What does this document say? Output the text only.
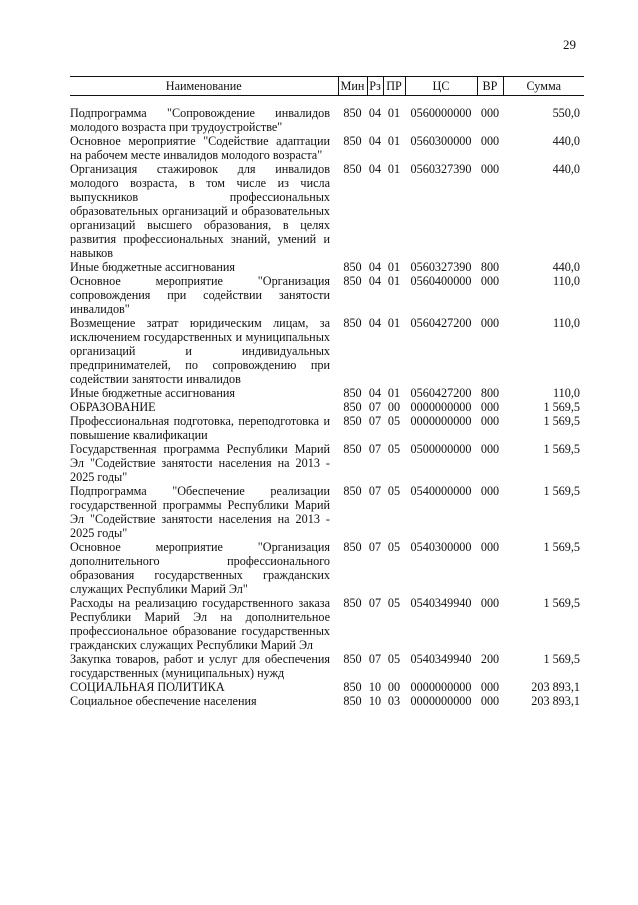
29
Наименование	Мин	Рз	ПР	ЦС	ВР	Сумма

Подпрограмма "Сопровождение инвалидов молодого возраста при трудоустройстве"	850	04	01	0560000000	000	550,0
Основное мероприятие "Содействие адаптации на рабочем месте инвалидов молодого возраста"	850	04	01	0560300000	000	440,0
Организация стажировок для инвалидов молодого возраста, в том числе из числа выпускников профессиональных образовательных организаций и образовательных организаций высшего образования, в целях развития профессиональных знаний, умений и навыков	850	04	01	0560327390	000	440,0
Иные бюджетные ассигнования	850	04	01	0560327390	800	440,0
Основное мероприятие "Организация сопровождения при содействии занятости инвалидов"	850	04	01	0560400000	000	110,0
Возмещение затрат юридическим лицам, за исключением государственных и муниципальных организаций и индивидуальных предпринимателей, по сопровождению при содействии занятости инвалидов	850	04	01	0560427200	000	110,0
Иные бюджетные ассигнования	850	04	01	0560427200	800	110,0
ОБРАЗОВАНИЕ	850	07	00	0000000000	000	1 569,5
Профессиональная подготовка, переподготовка и повышение квалификации	850	07	05	0000000000	000	1 569,5
Государственная программа Республики Марий Эл "Содействие занятости населения на 2013 - 2025 годы"	850	07	05	0500000000	000	1 569,5
Подпрограмма "Обеспечение реализации государственной программы Республики Марий Эл "Содействие занятости населения на 2013 - 2025 годы"	850	07	05	0540000000	000	1 569,5
Основное мероприятие "Организация дополнительного профессионального образования государственных гражданских служащих Республики Марий Эл"	850	07	05	0540300000	000	1 569,5
Расходы на реализацию государственного заказа Республики Марий Эл на дополнительное профессиональное образование государственных гражданских служащих Республики Марий Эл	850	07	05	0540349940	000	1 569,5
Закупка товаров, работ и услуг для обеспечения государственных (муниципальных) нужд	850	07	05	0540349940	200	1 569,5
СОЦИАЛЬНАЯ ПОЛИТИКА	850	10	00	0000000000	000	203 893,1
Социальное обеспечение населения	850	10	03	0000000000	000	203 893,1
